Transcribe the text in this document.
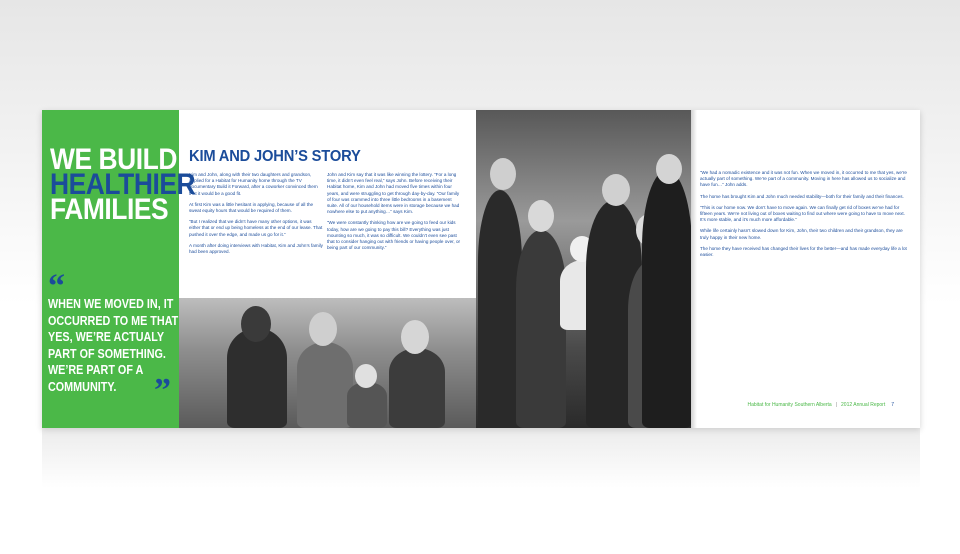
WE BUILD
HEALTHIER
FAMILIES
“
WHEN WE MOVED IN, IT OCCURRED TO ME THAT YES, WE’RE ACTUALY PART OF SOMETHING. WE’RE PART OF A COMMUNITY.	”
KIM AND JOHN’S STORY

Kim and John, along with their two daughters and grandson, applied for a Habitat for Humanity home through the TV documentary Build it Forward, after a coworker convinced them that it would be a good fit.

At first Kim was a little hesitant in applying, because of all the sweat equity hours that would be required of them.

“But I realized that we didn’t have many other options, it was either that or end up being homeless at the end of our lease. That pushed it over the edge, and made us go for it.”

A month after doing interviews with Habitat, Kim and John’s family had been approved.

John and Kim say that it was like winning the lottery. “For a long time, it didn’t even feel real,” says John. Before receiving their Habitat home, Kim and John had moved five times within four years, and were struggling to get through day-by-day. “Our family of four was crammed into three little bedrooms in a basement suite. All of our household items were in storage because we had nowhere else to put anything…” says Kim.

“We were constantly thinking how are we going to feed our kids today, how are we going to pay this bill? Everything was just mounting so much, it was so difficult. We couldn’t even see past that to consider hanging out with friends or having people over, or being part of our community.”

“We had a nomadic existence and it was not fun. When we moved in, it occurred to me that yes, we’re actually part of something. We’re part of a community. Moving in here has allowed us to socialize and have fun…” John adds.

The home has brought Kim and John much needed stability—both for their family and their finances.

“This is our home now. We don’t have to move again. We can finally get rid of boxes we’ve had for fifteen years. We’re not living out of boxes waiting to find out where were going to have to move next. It’s more stable, and it’s much more affordable.”

While life certainly hasn’t slowed down for Kim, John, their two children and their grandson, they are truly happy in their new home.

The home they have received has changed their lives for the better—and has made everyday life a lot easier.

Habitat for Humanity Southern Alberta | 2012 Annual Report 7
